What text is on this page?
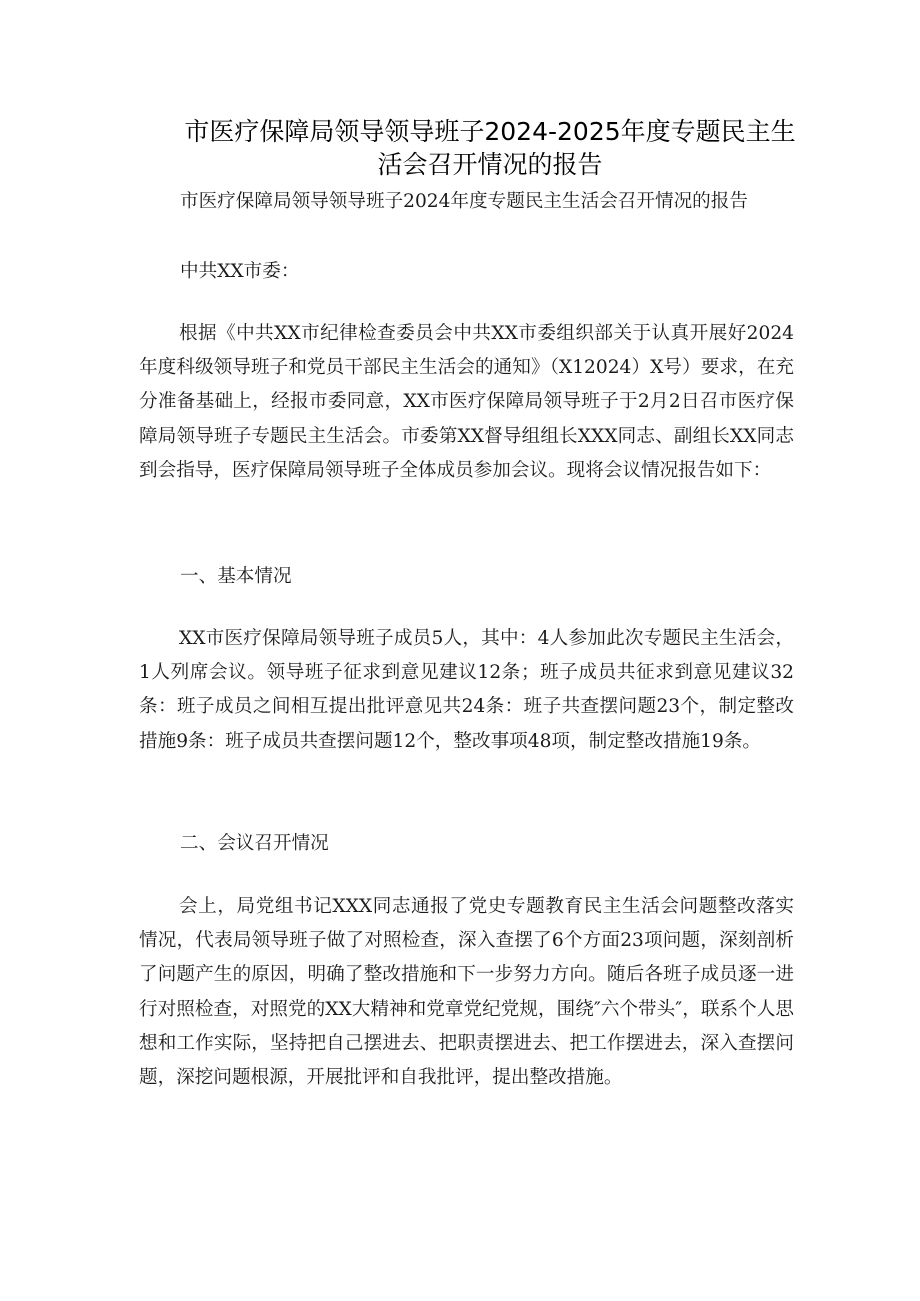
市医疗保障局领导领导班子2024-2025年度专题民主生
活会召开情况的报告

市医疗保障局领导领导班子2024年度专题民主生活会召开情况的报告

中共XX市委：

根据《中共XX市纪律检查委员会中共XX市委组织部关于认真开展好2024年度科级领导班子和党员干部民主生活会的通知》（X12024）X号）要求，在充分准备基础上，经报市委同意，XX市医疗保障局领导班子于2月2日召市医疗保障局领导班子专题民主生活会。市委第XX督导组组长XXX同志、副组长XX同志到会指导，医疗保障局领导班子全体成员参加会议。现将会议情况报告如下：

一、基本情况

XX市医疗保障局领导班子成员5人，其中：4人参加此次专题民主生活会，1人列席会议。领导班子征求到意见建议12条；班子成员共征求到意见建议32条：班子成员之间相互提出批评意见共24条：班子共查摆问题23个，制定整改措施9条：班子成员共查摆问题12个，整改事项48项，制定整改措施19条。

二、会议召开情况

会上，局党组书记XXX同志通报了党史专题教育民主生活会问题整改落实情况，代表局领导班子做了对照检查，深入查摆了6个方面23项问题，深刻剖析了问题产生的原因，明确了整改措施和下一步努力方向。随后各班子成员逐一进行对照检查，对照党的XX大精神和党章党纪党规，围绕″六个带头″，联系个人思想和工作实际，坚持把自己摆进去、把职责摆进去、把工作摆进去，深入查摆问题，深挖问题根源，开展批评和自我批评，提出整改措施。
